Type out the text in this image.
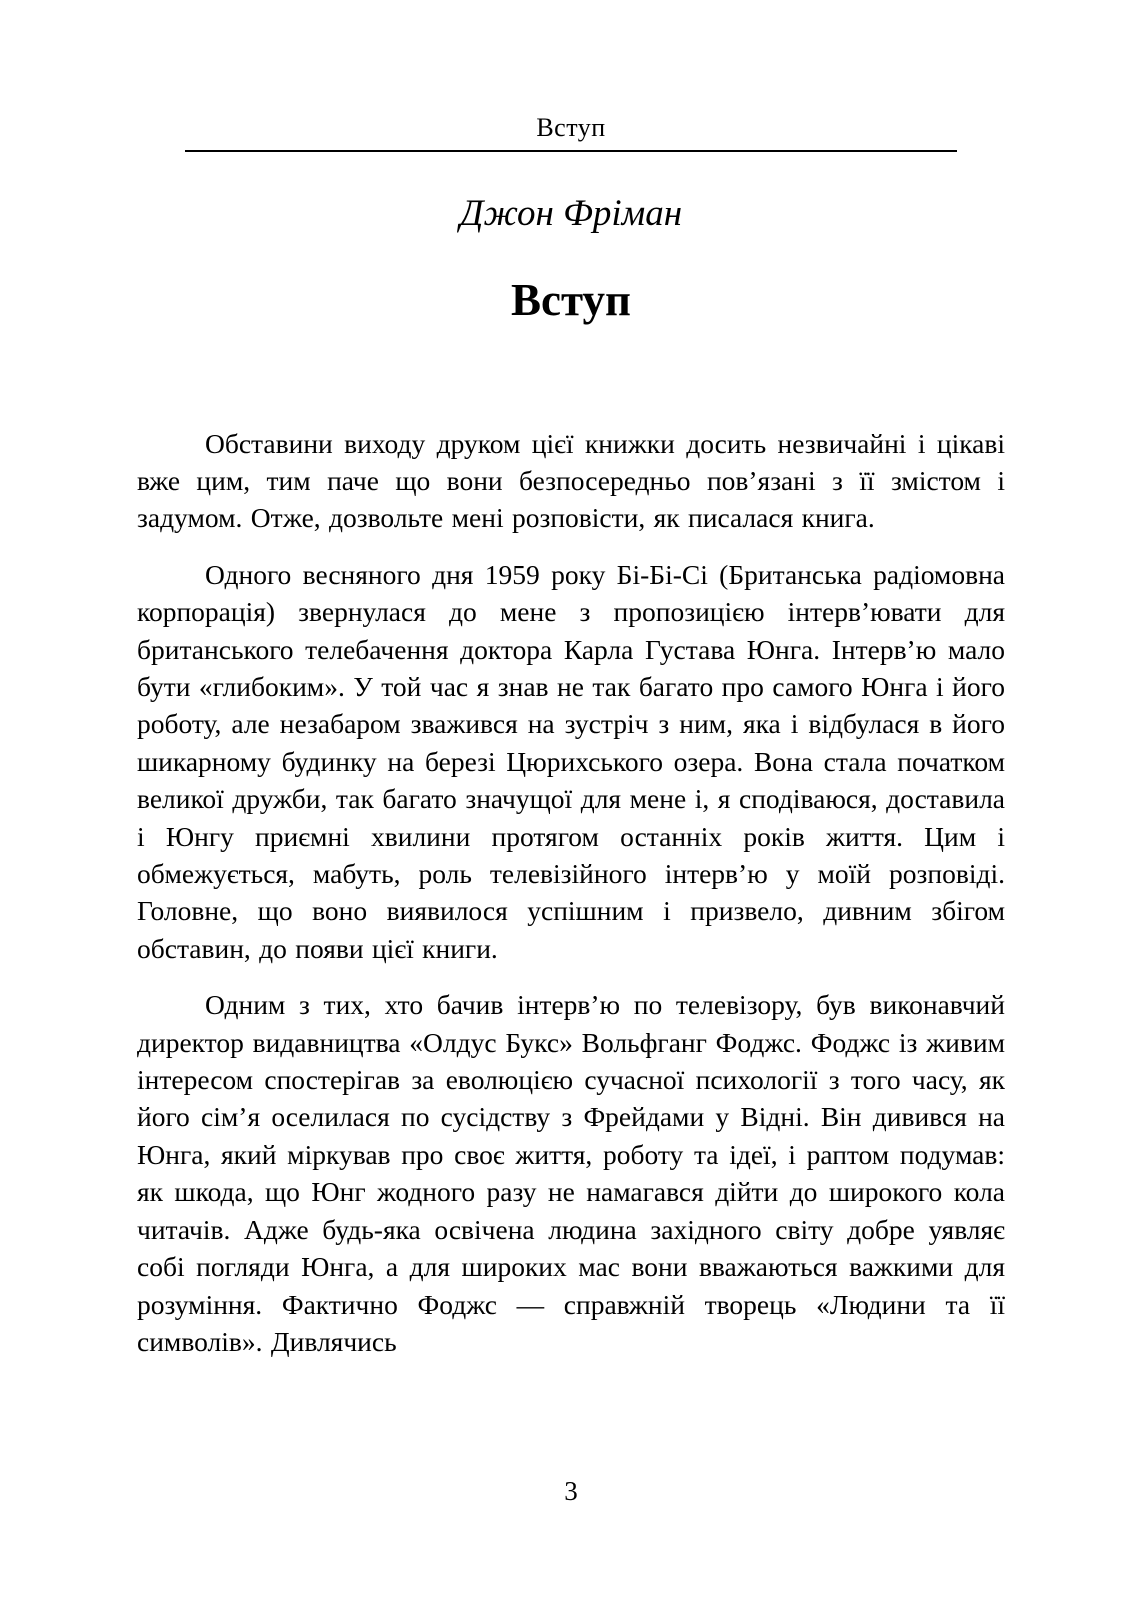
Вступ
Джон Фріман
Вступ

Обставини виходу друком цієї книжки досить незвичайні і цікаві вже цим, тим паче що вони безпосередньо пов’язані з її змістом і задумом. Отже, дозвольте мені розповісти, як писалася книга.

Одного весняного дня 1959 року Бі-Бі-Сі (Британська радіомовна корпорація) звернулася до мене з пропозицією інтерв’ювати для британського телебачення доктора Карла Густава Юнга. Інтерв’ю мало бути «глибоким». У той час я знав не так багато про самого Юнга і його роботу, але незабаром зважився на зустріч з ним, яка і відбулася в його шикарному будинку на березі Цюрихського озера. Вона стала початком великої дружби, так багато значущої для мене і, я сподіваюся, доставила і Юнгу приємні хвилини протягом останніх років життя. Цим і обмежується, мабуть, роль телевізійного інтерв’ю у моїй розповіді. Головне, що воно виявилося успішним і призвело, дивним збігом обставин, до появи цієї книги.

Одним з тих, хто бачив інтерв’ю по телевізору, був виконавчий директор видавництва «Олдус Букс» Вольфганг Фоджс. Фоджс із живим інтересом спостерігав за еволюцією сучасної психології з того часу, як його сім’я оселилася по сусідству з Фрейдами у Відні. Він дивився на Юнга, який міркував про своє життя, роботу та ідеї, і раптом подумав: як шкода, що Юнг жодного разу не намагався дійти до широкого кола читачів. Адже будь-яка освічена людина західного світу добре уявляє собі погляди Юнга, а для широких мас вони вважаються важкими для розуміння. Фактично Фоджс — справжній творець «Людини та її символів». Дивлячись

3
